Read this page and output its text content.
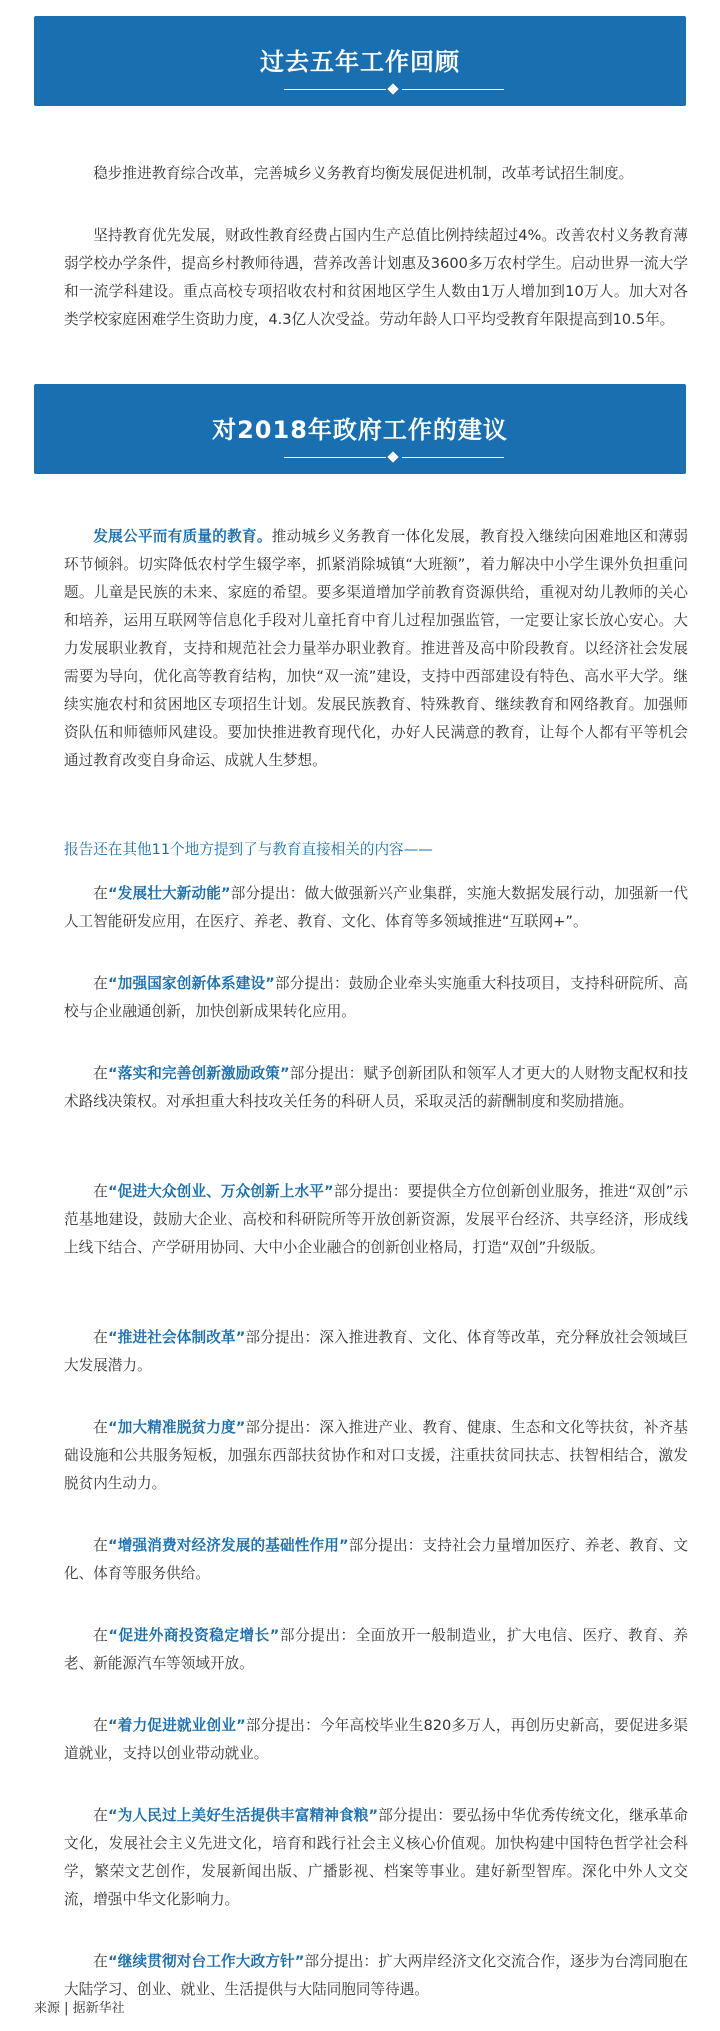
过去五年工作回顾

稳步推进教育综合改革，完善城乡义务教育均衡发展促进机制，改革考试招生制度。

坚持教育优先发展，财政性教育经费占国内生产总值比例持续超过4%。改善农村义务教育薄弱学校办学条件，提高乡村教师待遇，营养改善计划惠及3600多万农村学生。启动世界一流大学和一流学科建设。重点高校专项招收农村和贫困地区学生人数由1万人增加到10万人。加大对各类学校家庭困难学生资助力度，4.3亿人次受益。劳动年龄人口平均受教育年限提高到10.5年。

对2018年政府工作的建议

发展公平而有质量的教育。推动城乡义务教育一体化发展，教育投入继续向困难地区和薄弱环节倾斜。切实降低农村学生辍学率，抓紧消除城镇“大班额”，着力解决中小学生课外负担重问题。儿童是民族的未来、家庭的希望。要多渠道增加学前教育资源供给，重视对幼儿教师的关心和培养，运用互联网等信息化手段对儿童托育中育儿过程加强监管，一定要让家长放心安心。大力发展职业教育，支持和规范社会力量举办职业教育。推进普及高中阶段教育。以经济社会发展需要为导向，优化高等教育结构，加快“双一流”建设，支持中西部建设有特色、高水平大学。继续实施农村和贫困地区专项招生计划。发展民族教育、特殊教育、继续教育和网络教育。加强师资队伍和师德师风建设。要加快推进教育现代化，办好人民满意的教育，让每个人都有平等机会通过教育改变自身命运、成就人生梦想。

报告还在其他11个地方提到了与教育直接相关的内容——

在“发展壮大新动能”部分提出：做大做强新兴产业集群，实施大数据发展行动，加强新一代人工智能研发应用，在医疗、养老、教育、文化、体育等多领域推进“互联网+”。

在“加强国家创新体系建设”部分提出：鼓励企业牵头实施重大科技项目，支持科研院所、高校与企业融通创新，加快创新成果转化应用。

在“落实和完善创新激励政策”部分提出：赋予创新团队和领军人才更大的人财物支配权和技术路线决策权。对承担重大科技攻关任务的科研人员，采取灵活的薪酬制度和奖励措施。

在“促进大众创业、万众创新上水平”部分提出：要提供全方位创新创业服务，推进“双创”示范基地建设，鼓励大企业、高校和科研院所等开放创新资源，发展平台经济、共享经济，形成线上线下结合、产学研用协同、大中小企业融合的创新创业格局，打造“双创”升级版。

在“推进社会体制改革”部分提出：深入推进教育、文化、体育等改革，充分释放社会领域巨大发展潜力。

在“加大精准脱贫力度”部分提出：深入推进产业、教育、健康、生态和文化等扶贫，补齐基础设施和公共服务短板，加强东西部扶贫协作和对口支援，注重扶贫同扶志、扶智相结合，激发脱贫内生动力。

在“增强消费对经济发展的基础性作用”部分提出：支持社会力量增加医疗、养老、教育、文化、体育等服务供给。

在“促进外商投资稳定增长”部分提出：全面放开一般制造业，扩大电信、医疗、教育、养老、新能源汽车等领域开放。

在“着力促进就业创业”部分提出：今年高校毕业生820多万人，再创历史新高，要促进多渠道就业，支持以创业带动就业。

在“为人民过上美好生活提供丰富精神食粮”部分提出：要弘扬中华优秀传统文化，继承革命文化，发展社会主义先进文化，培育和践行社会主义核心价值观。加快构建中国特色哲学社会科学，繁荣文艺创作，发展新闻出版、广播影视、档案等事业。建好新型智库。深化中外人文交流，增强中华文化影响力。

在“继续贯彻对台工作大政方针”部分提出：扩大两岸经济文化交流合作，逐步为台湾同胞在大陆学习、创业、就业、生活提供与大陆同胞同等待遇。

来源 | 据新华社
